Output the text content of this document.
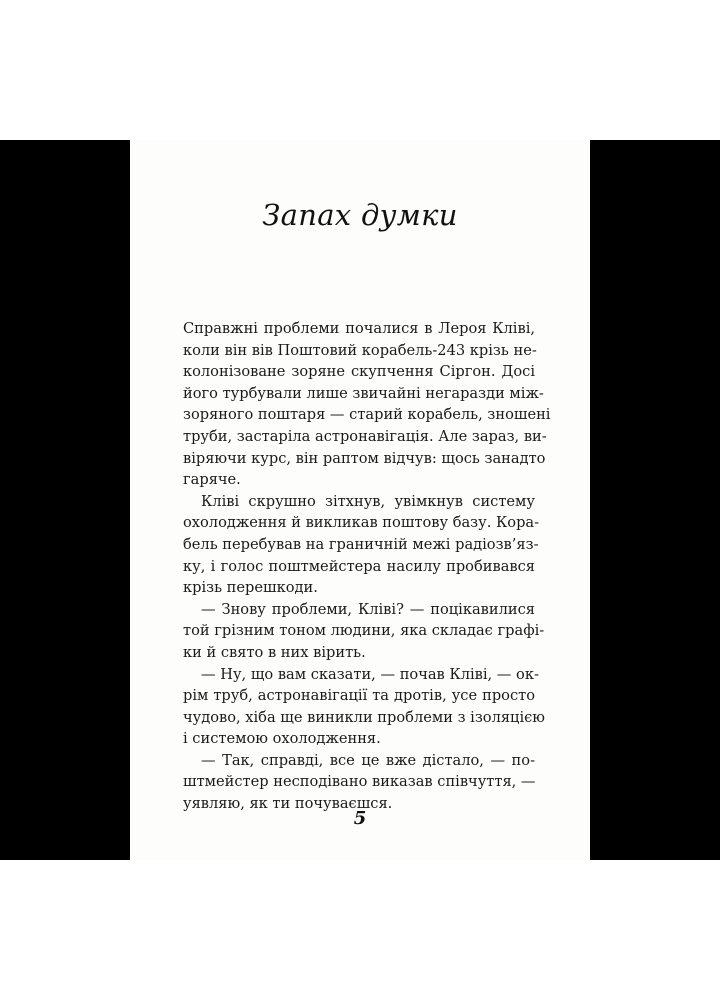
Запах думки
Справжні проблеми почалися в Лероя Кліві,
коли він вів Поштовий корабель-243 крізь не-
колонізоване зоряне скупчення Сіргон. Досі
його турбували лише звичайні негаразди між-
зоряного поштаря — старий корабель, зношені
труби, застаріла астронавігація. Але зараз, ви-
віряючи курс, він раптом відчув: щось занадто
гаряче.
Кліві скрушно зітхнув, увімкнув систему
охолодження й викликав поштову базу. Кора-
бель перебував на граничній межі радіозв’яз-
ку, і голос поштмейстера насилу пробивався
крізь перешкоди.
— Знову проблеми, Кліві? — поцікавилися
той грізним тоном людини, яка складає графі-
ки й свято в них вірить.
— Ну, що вам сказати, — почав Кліві, — ок-
рім труб, астронавігації та дротів, усе просто
чудово, хіба ще виникли проблеми з ізоляцією
і системою охолодження.
— Так, справді, все це вже дістало, — по-
штмейстер несподівано виказав співчуття, —
уявляю, як ти почуваєшся.
5
